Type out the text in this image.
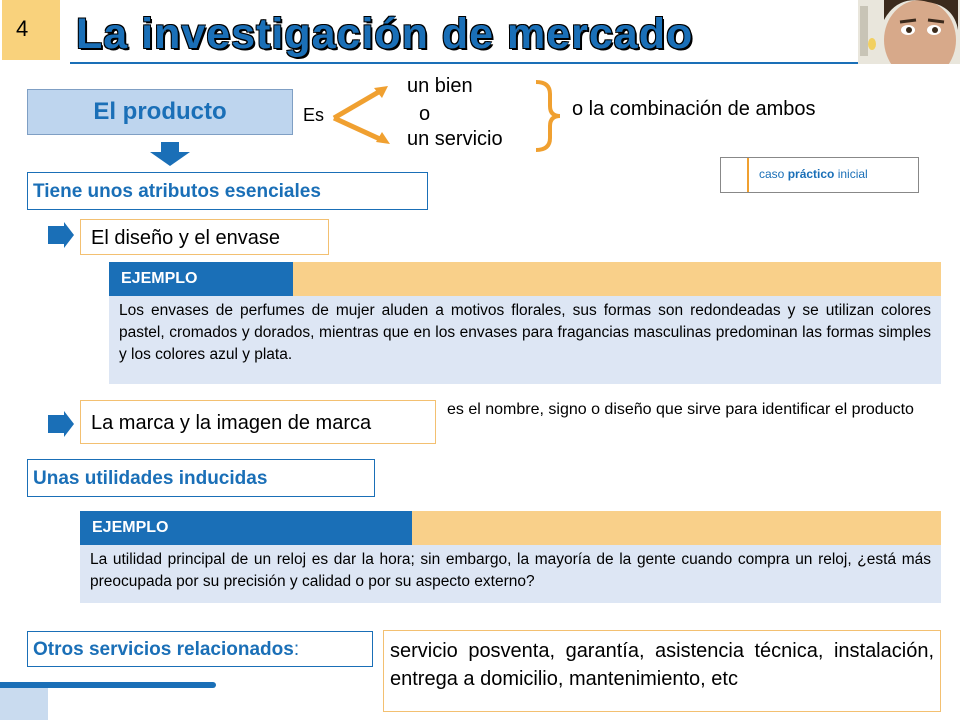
4 La investigación de mercado
El producto	Es
un bien
o
un servicio
o la combinación de ambos
caso práctico inicial
Tiene unos atributos esenciales
El diseño y el envase
EJEMPLO
Los envases de perfumes de mujer aluden a motivos florales, sus formas son redondeadas y se utilizan colores pastel, cromados y dorados, mientras que en los envases para fragancias masculinas predominan las formas simples y los colores azul y plata.
La marca y la imagen de marca
es el nombre, signo o diseño que sirve para identificar el producto
Unas utilidades inducidas
EJEMPLO
La utilidad principal de un reloj es dar la hora; sin embargo, la mayoría de la gente cuando compra un reloj, ¿está más preocupada por su precisión y calidad o por su aspecto externo?
Otros servicios relacionados:	servicio posventa, garantía, asistencia técnica, instalación, entrega a domicilio, mantenimiento, etc
